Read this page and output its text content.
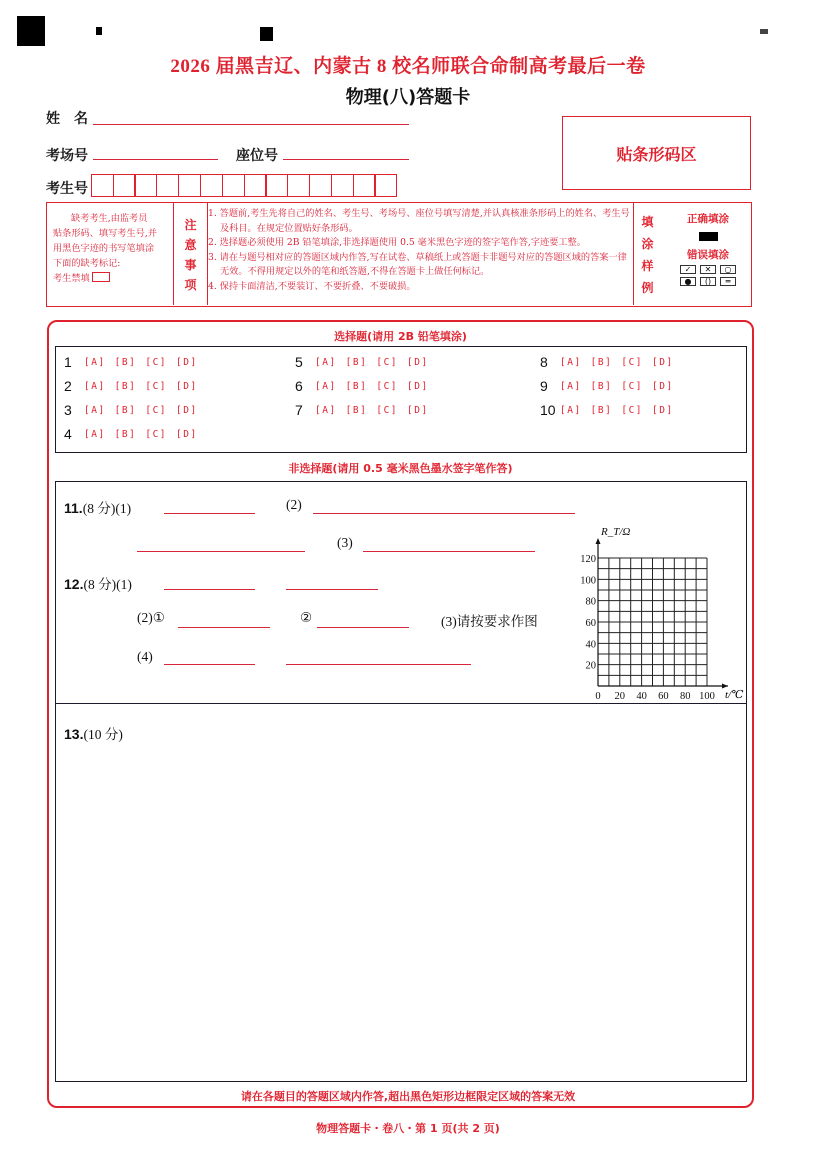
2026 届黑吉辽、内蒙古 8 校名师联合命制高考最后一卷
物理(八)答题卡
姓　名
考场号	座位号
考生号
贴条形码区
缺考考生,由监考员
贴条形码、填写考生号,并
用黑色字迹的书写笔填涂
下面的缺考标记:
考生禁填
注
意
事
项
1. 答题前,考生先将自己的姓名、考生号、考场号、座位号填写清楚,并认真核准条形码上的姓名、考生号及科目。在规定位置贴好条形码。
2. 选择题必须使用 2B 铅笔填涂,非选择题使用 0.5 毫米黑色字迹的签字笔作答,字迹要工整。
3. 请在与题号相对应的答题区域内作答,写在试卷、草稿纸上或答题卡非题号对应的答题区域的答案一律无效。不得用规定以外的笔和纸答题,不得在答题卡上做任何标记。
4. 保持卡面清洁,不要装订、不要折叠、不要破损。
填
涂
样
例
正确填涂
错误填涂
✓	✕	○
●	()	═
选择题(请用 2B 铅笔填涂)
非选择题(请用 0.5 毫米黑色墨水签字笔作答)
1	[A] [B] [C] [D]
2	[A] [B] [C] [D]
3	[A] [B] [C] [D]
4	[A] [B] [C] [D]
5	[A] [B] [C] [D]
6	[A] [B] [C] [D]
7	[A] [B] [C] [D]
8	[A] [B] [C] [D]
9	[A] [B] [C] [D]
10 [A] [B] [C] [D]
11.(8 分)(1)	(2)
(3)
12.(8 分)(1)
(2)①	②	(3)请按要求作图
(4)
20
40
60
80
100
120
0 20 40 60 80 100 t/℃
R_T/Ω
13.(10 分)
请在各题目的答题区域内作答,超出黑色矩形边框限定区域的答案无效
物理答题卡・卷八・第 1 页(共 2 页)
